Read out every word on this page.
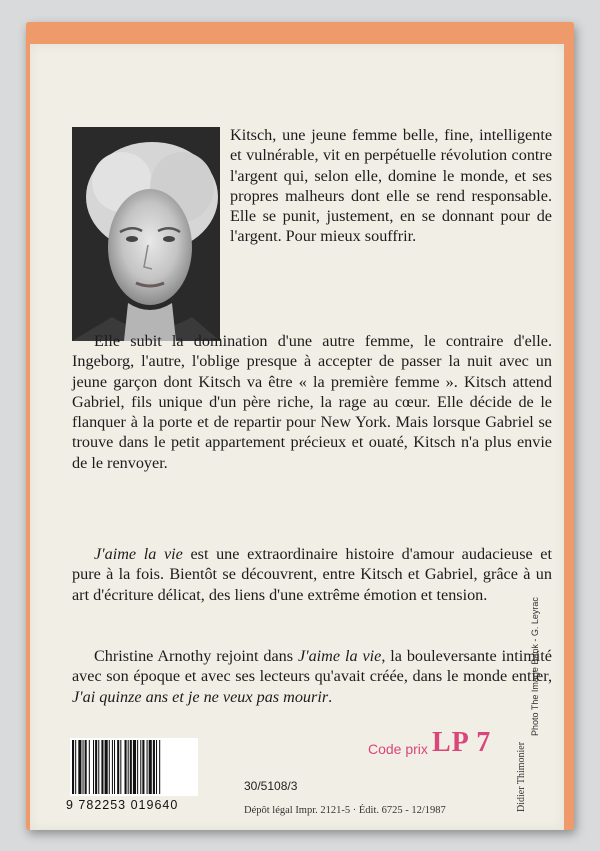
Kitsch, une jeune femme belle, fine, intelligente et vulnérable, vit en perpétuelle révolution contre l'argent qui, selon elle, domine le monde, et ses propres malheurs dont elle se rend responsable. Elle se punit, justement, en se donnant pour de l'argent. Pour mieux souffrir.

Elle subit la domination d'une autre femme, le contraire d'elle. Ingeborg, l'autre, l'oblige presque à accepter de passer la nuit avec un jeune garçon dont Kitsch va être « la première femme ». Kitsch attend Gabriel, fils unique d'un père riche, la rage au cœur. Elle décide de le flanquer à la porte et de repartir pour New York. Mais lorsque Gabriel se trouve dans le petit appartement précieux et ouaté, Kitsch n'a plus envie de le renvoyer.

J'aime la vie est une extraordinaire histoire d'amour audacieuse et pure à la fois. Bientôt se découvrent, entre Kitsch et Gabriel, grâce à un art d'écriture délicat, des liens d'une extrême émotion et tension.

Christine Arnothy rejoint dans J'aime la vie, la bouleversante intimité avec son époque et avec ses lecteurs qu'avait créée, dans le monde entier, J'ai quinze ans et je ne veux pas mourir.

9 782253 019640
30/5108/3
Dépôt légal Impr. 2121-5 · Édit. 6725 - 12/1987
Code prix LP 7
Photo The Image Bank - G. Leyrac
Didier Thimonier
